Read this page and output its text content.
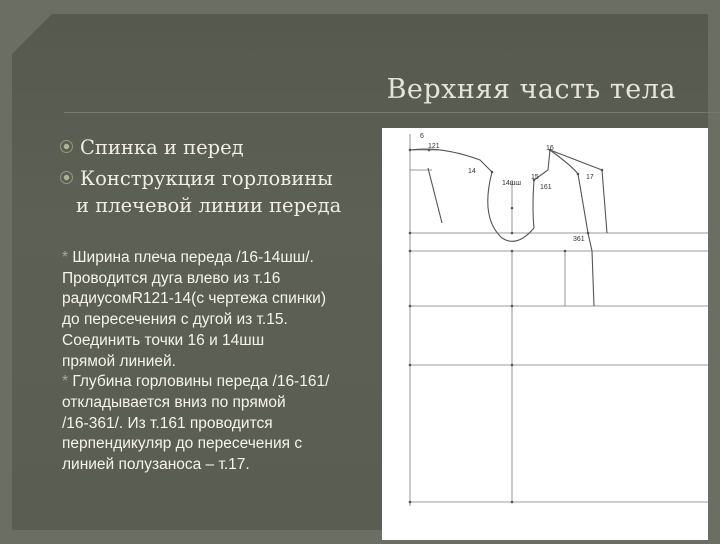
Верхняя часть тела
Спинка и перед
Конструкция горловины
и плечевой линии переда
* Ширина плеча переда /16-14шш/.
Проводится дуга влево из т.16
радиусомR121-14(с чертежа спинки)
до пересечения с дугой из т.15.
Соединить точки 16 и 14шш
прямой линией.
* Глубина горловины переда /16-161/
откладывается вниз по прямой
/16-361/. Из т.161 проводится
перпендикуляр до пересечения с
линией полузаноса – т.17.
6
121	16
14
14шш
15
161
17
361
